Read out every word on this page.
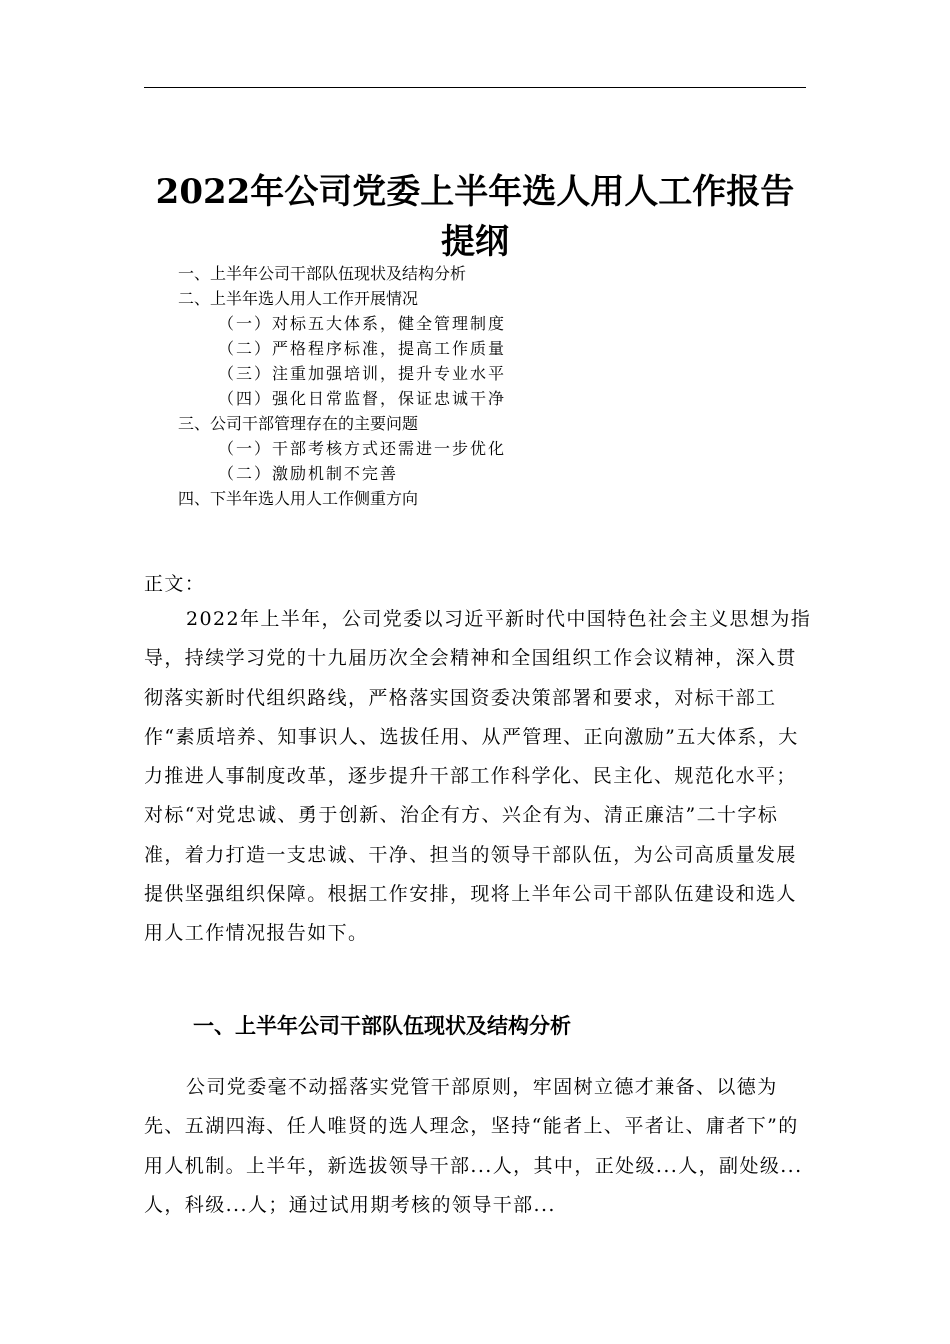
2022年公司党委上半年选人用人工作报告
提纲
一、上半年公司干部队伍现状及结构分析
二、上半年选人用人工作开展情况
（一）对标五大体系，健全管理制度
（二）严格程序标准，提高工作质量
（三）注重加强培训，提升专业水平
（四）强化日常监督，保证忠诚干净
三、公司干部管理存在的主要问题
（一）干部考核方式还需进一步优化
（二）激励机制不完善
四、下半年选人用人工作侧重方向

正文：

2022年上半年，公司党委以习近平新时代中国特色社会主义思想为指导，持续学习党的十九届历次全会精神和全国组织工作会议精神，深入贯彻落实新时代组织路线，严格落实国资委决策部署和要求，对标干部工作“素质培养、知事识人、选拔任用、从严管理、正向激励”五大体系，大力推进人事制度改革，逐步提升干部工作科学化、民主化、规范化水平；对标“对党忠诚、勇于创新、治企有方、兴企有为、清正廉洁”二十字标准，着力打造一支忠诚、干净、担当的领导干部队伍，为公司高质量发展提供坚强组织保障。根据工作安排，现将上半年公司干部队伍建设和选人用人工作情况报告如下。

一、上半年公司干部队伍现状及结构分析

公司党委毫不动摇落实党管干部原则，牢固树立德才兼备、以德为先、五湖四海、任人唯贤的选人理念，坚持“能者上、平者让、庸者下”的用人机制。上半年，新选拔领导干部...人，其中，正处级...人，副处级...人，科级...人；通过试用期考核的领导干部...
